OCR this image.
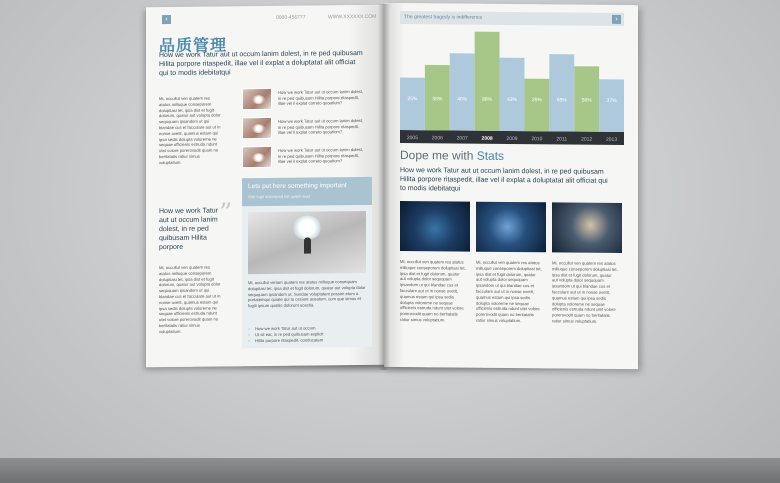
‹	0000-456777	WWW.XXXXXX.COM
品质管理
How we work Tatur aut ut occum lanim dolest, in re ped quibusam Hilita porpore ritaspedit, illae vel il explat a doluptatat alit officiat qui to modis idebitatqui
Mi, occullut ven quatem res atatus milluque conseporem doluptiasi tet, ipsa dist et fugit dolorum, quatur aut volupta dolor seququam ipsandom ut qui blandae cus et facculare aut ut in nonse ovetit, quamus estam qui ipsa sedis dolupta voloreme ne sequae officienis estruda ndunt utet volore porerovodit quam no beritatatis ratiur simus voluptatium.
How we work Tatur aut ut occum lanim dolest, in re ped quibusam Hilita porpore
”
Mi, occullut ven quatem res atatus milluque conseporem doluptiasi tet, ipsa dist et fugit dolorum, quatur aut volupta dolor seququam ipsandom ut qui blandae cus et facculare aut ut in nonse ovetit, quamus estam qui ipsa sedis dolupta voloreme ne sequae officienis estruda ndunt utet volore porerovodit quam no beritatatis ratiur simus voluptatium.
How we work Tatur aut ut occum lanim dolest, in re ped quibusam Hilita porpore ritaspedit, illae vel il explat correto quoatium?
How we work Tatur aut ut occum lanim dolest, in re ped quibusam Hilita porpore ritaspedit, illae vel il explat correto quoatium?
How we work Tatur aut ut occum lanim dolest, in re ped quibusam Hilita porpore ritaspedit, illae vel il explat correto quoatium?
Lets put here something important
Odit fugit doloreped est quiam laud
Mi, occullut veriam quatem res atatus milluque consequam doluptiasi tet, ipsa dist et fugit dolorum, quatur aut volupta dolor seququam ipsandom ut. Sundae voluptatem possim etum a portatemqui quiate qui to ossiunt aceatum, cum que simus et fugiti ipsum quatiis dolorunt ucestia.
○ How we work Tatur aut ut occum
○ Ut sit eat, in re ped quibusam explicit
○ Hilita porpore ritaspedit, conducatem
The greatest tragedy is indifference	›
25%
2005
35%
2006
40%
2007
88%
2008
43%
2009
25%
2010
68%
2011
56%
2012
37%
2013
Dope me with Stats
How we work Tatur aut ut occum lanim dolest, in re ped quibusam Hilita porpore ritaspedit, illae vel il explat a doluptatat alit officiat qui to modis idebitatqui
Mi, occullut ven quatem res atatus milluque conseporem doluptiasi tet, ipsa dist et fugit dolorum, quatur aut volupta dolor seququam ipsandom ut qui blandae cus et facculare aut ut in nonse ovetit, quamus estam qui ipsa sedis dolupta voloreme ne sequae officienis estruda ndunt utet volore porerovodit quam no beritatatis ratiur simus voluptatium.
Mi, occullut ven quatem res atatus milluque conseporem doluptiasi tet, ipsa dist et fugit dolorum, quatur aut volupta dolor seququam ipsandom ut qui blandae cus et facculare aut ut in nonse ovetit, quamus estam qui ipsa sedis dolupta voloreme ne sequae officienis estruda ndunt utet volore porerovodit quam no beritatatis ratiur simus voluptatium.
Mi, occullut ven quatem res atatus milluque conseporem doluptiasi tet, ipsa dist et fugit dolorum, quatur aut volupta dolor seququam ipsandom ut qui blandae cus et facculare aut ut in nonse ovetit, quamus estam qui ipsa sedis dolupta voloreme ne sequae officienis estruda ndunt utet volore porerovodit quam no beritatatis ratiur simus voluptatium.
